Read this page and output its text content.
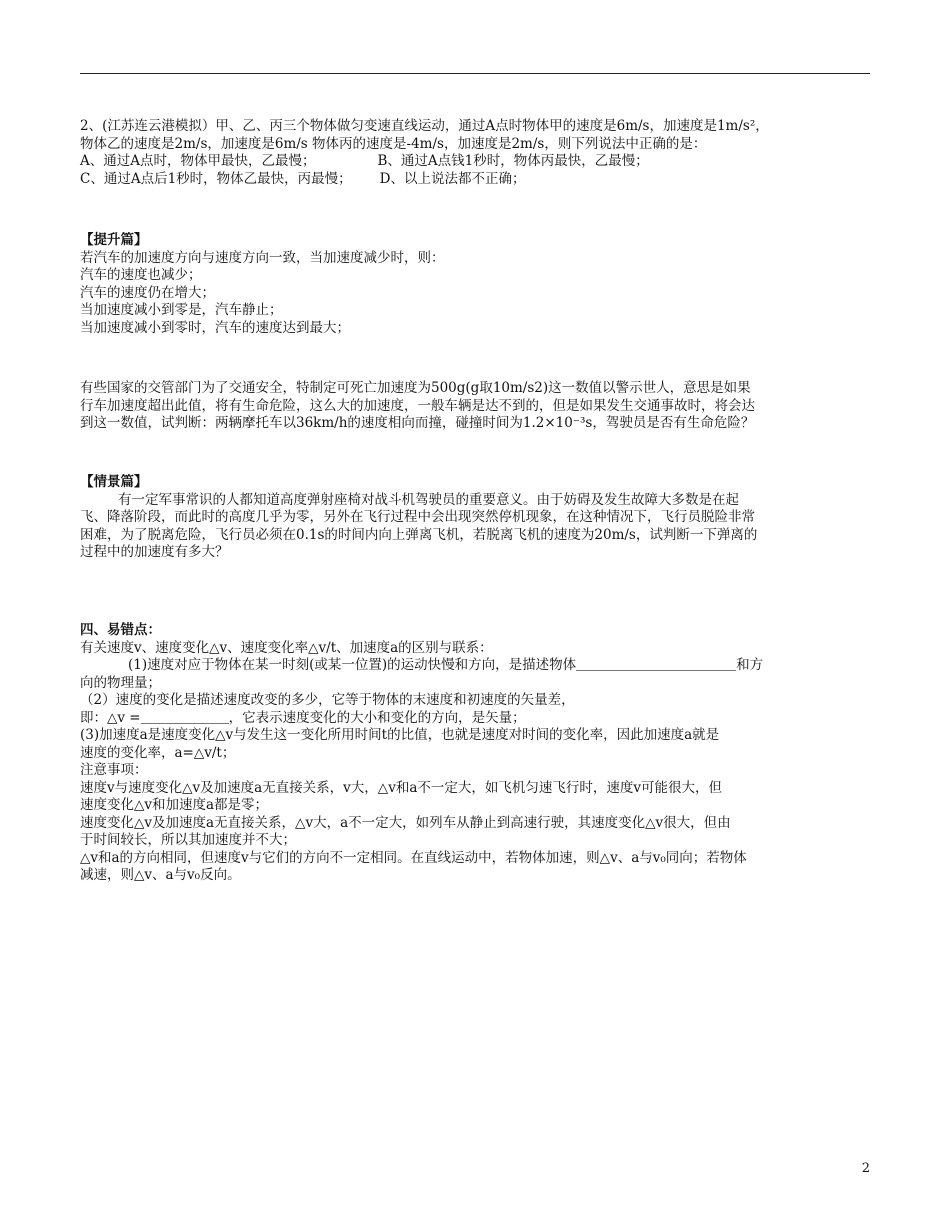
2、(江苏连云港模拟）甲、乙、丙三个物体做匀变速直线运动，通过A点时物体甲的速度是6m/s，加速度是1m/s²，
物体乙的速度是2m/s，加速度是6m/s 物体丙的速度是-4m/s，加速度是2m/s，则下列说法中正确的是：
A、通过A点时，物体甲最快，乙最慢；	B、通过A点钱1秒时，物体丙最快，乙最慢；
C、通过A点后1秒时，物体乙最快，丙最慢； D、以上说法都不正确；
【提升篇】
若汽车的加速度方向与速度方向一致，当加速度减少时，则：
汽车的速度也减少；
汽车的速度仍在增大；
当加速度减小到零是，汽车静止；
当加速度减小到零时，汽车的速度达到最大；
有些国家的交管部门为了交通安全，特制定可死亡加速度为500g(g取10m/s2)这一数值以警示世人，意思是如果
行车加速度超出此值，将有生命危险，这么大的加速度，一般车辆是达不到的，但是如果发生交通事故时，将会达
到这一数值，试判断：两辆摩托车以36km/h的速度相向而撞，碰撞时间为1.2×10⁻³s，驾驶员是否有生命危险？
【情景篇】
有一定军事常识的人都知道高度弹射座椅对战斗机驾驶员的重要意义。由于妨碍及发生故障大多数是在起
飞、降落阶段，而此时的高度几乎为零，另外在飞行过程中会出现突然停机现象，在这种情况下，飞行员脱险非常
困难，为了脱离危险，飞行员必须在0.1s的时间内向上弹离飞机，若脱离飞机的速度为20m/s，试判断一下弹离的
过程中的加速度有多大？
四、易错点：
有关速度v、速度变化△v、速度变化率△v/t、加速度a的区别与联系：
(1)速度对应于物体在某一时刻(或某一位置)的运动快慢和方向，是描述物体	和方
向的物理量；
（2）速度的变化是描述速度改变的多少，它等于物体的末速度和初速度的矢量差，
即：△v =	，它表示速度变化的大小和变化的方向，是矢量；
(3)加速度a是速度变化△v与发生这一变化所用时间t的比值，也就是速度对时间的变化率，因此加速度a就是
速度的变化率，a=△v/t；
注意事项：
速度v与速度变化△v及加速度a无直接关系，v大，△v和a不一定大，如飞机匀速飞行时，速度v可能很大，但
速度变化△v和加速度a都是零；
速度变化△v及加速度a无直接关系，△v大，a不一定大，如列车从静止到高速行驶，其速度变化△v很大，但由
于时间较长，所以其加速度并不大；
△v和a的方向相同，但速度v与它们的方向不一定相同。在直线运动中，若物体加速，则△v、a与v₀同向；若物体
减速，则△v、a与v₀反向。
2
